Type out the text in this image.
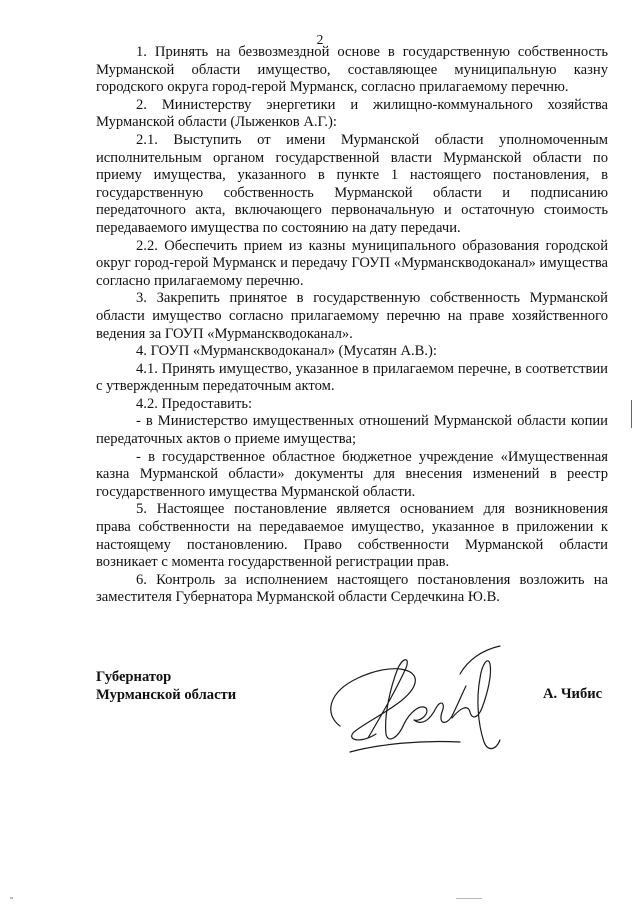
2

1. Принять на безвозмездной основе в государственную собственность Мурманской области имущество, составляющее муниципальную казну городского округа город-герой Мурманск, согласно прилагаемому перечню.

2. Министерству энергетики и жилищно-коммунального хозяйства Мурманской области (Лыженков А.Г.):

2.1. Выступить от имени Мурманской области уполномоченным исполнительным органом государственной власти Мурманской области по приему имущества, указанного в пункте 1 настоящего постановления, в государственную собственность Мурманской области и подписанию передаточного акта, включающего первоначальную и остаточную стоимость передаваемого имущества по состоянию на дату передачи.

2.2. Обеспечить прием из казны муниципального образования городской округ город-герой Мурманск и передачу ГОУП «Мурманскводоканал» имущества согласно прилагаемому перечню.

3. Закрепить принятое в государственную собственность Мурманской области имущество согласно прилагаемому перечню на праве хозяйственного ведения за ГОУП «Мурманскводоканал».

4. ГОУП «Мурманскводоканал» (Мусатян А.В.):

4.1. Принять имущество, указанное в прилагаемом перечне, в соответствии с утвержденным передаточным актом.

4.2. Предоставить:

- в Министерство имущественных отношений Мурманской области копии передаточных актов о приеме имущества;

- в государственное областное бюджетное учреждение «Имущественная казна Мурманской области» документы для внесения изменений в реестр государственного имущества Мурманской области.

5. Настоящее постановление является основанием для возникновения права собственности на передаваемое имущество, указанное в приложении к настоящему постановлению. Право собственности Мурманской области возникает с момента государственной регистрации прав.

6. Контроль за исполнением настоящего постановления возложить на заместителя Губернатора Мурманской области Сердечкина Ю.В.

Губернатор
Мурманской области	А. Чибис
